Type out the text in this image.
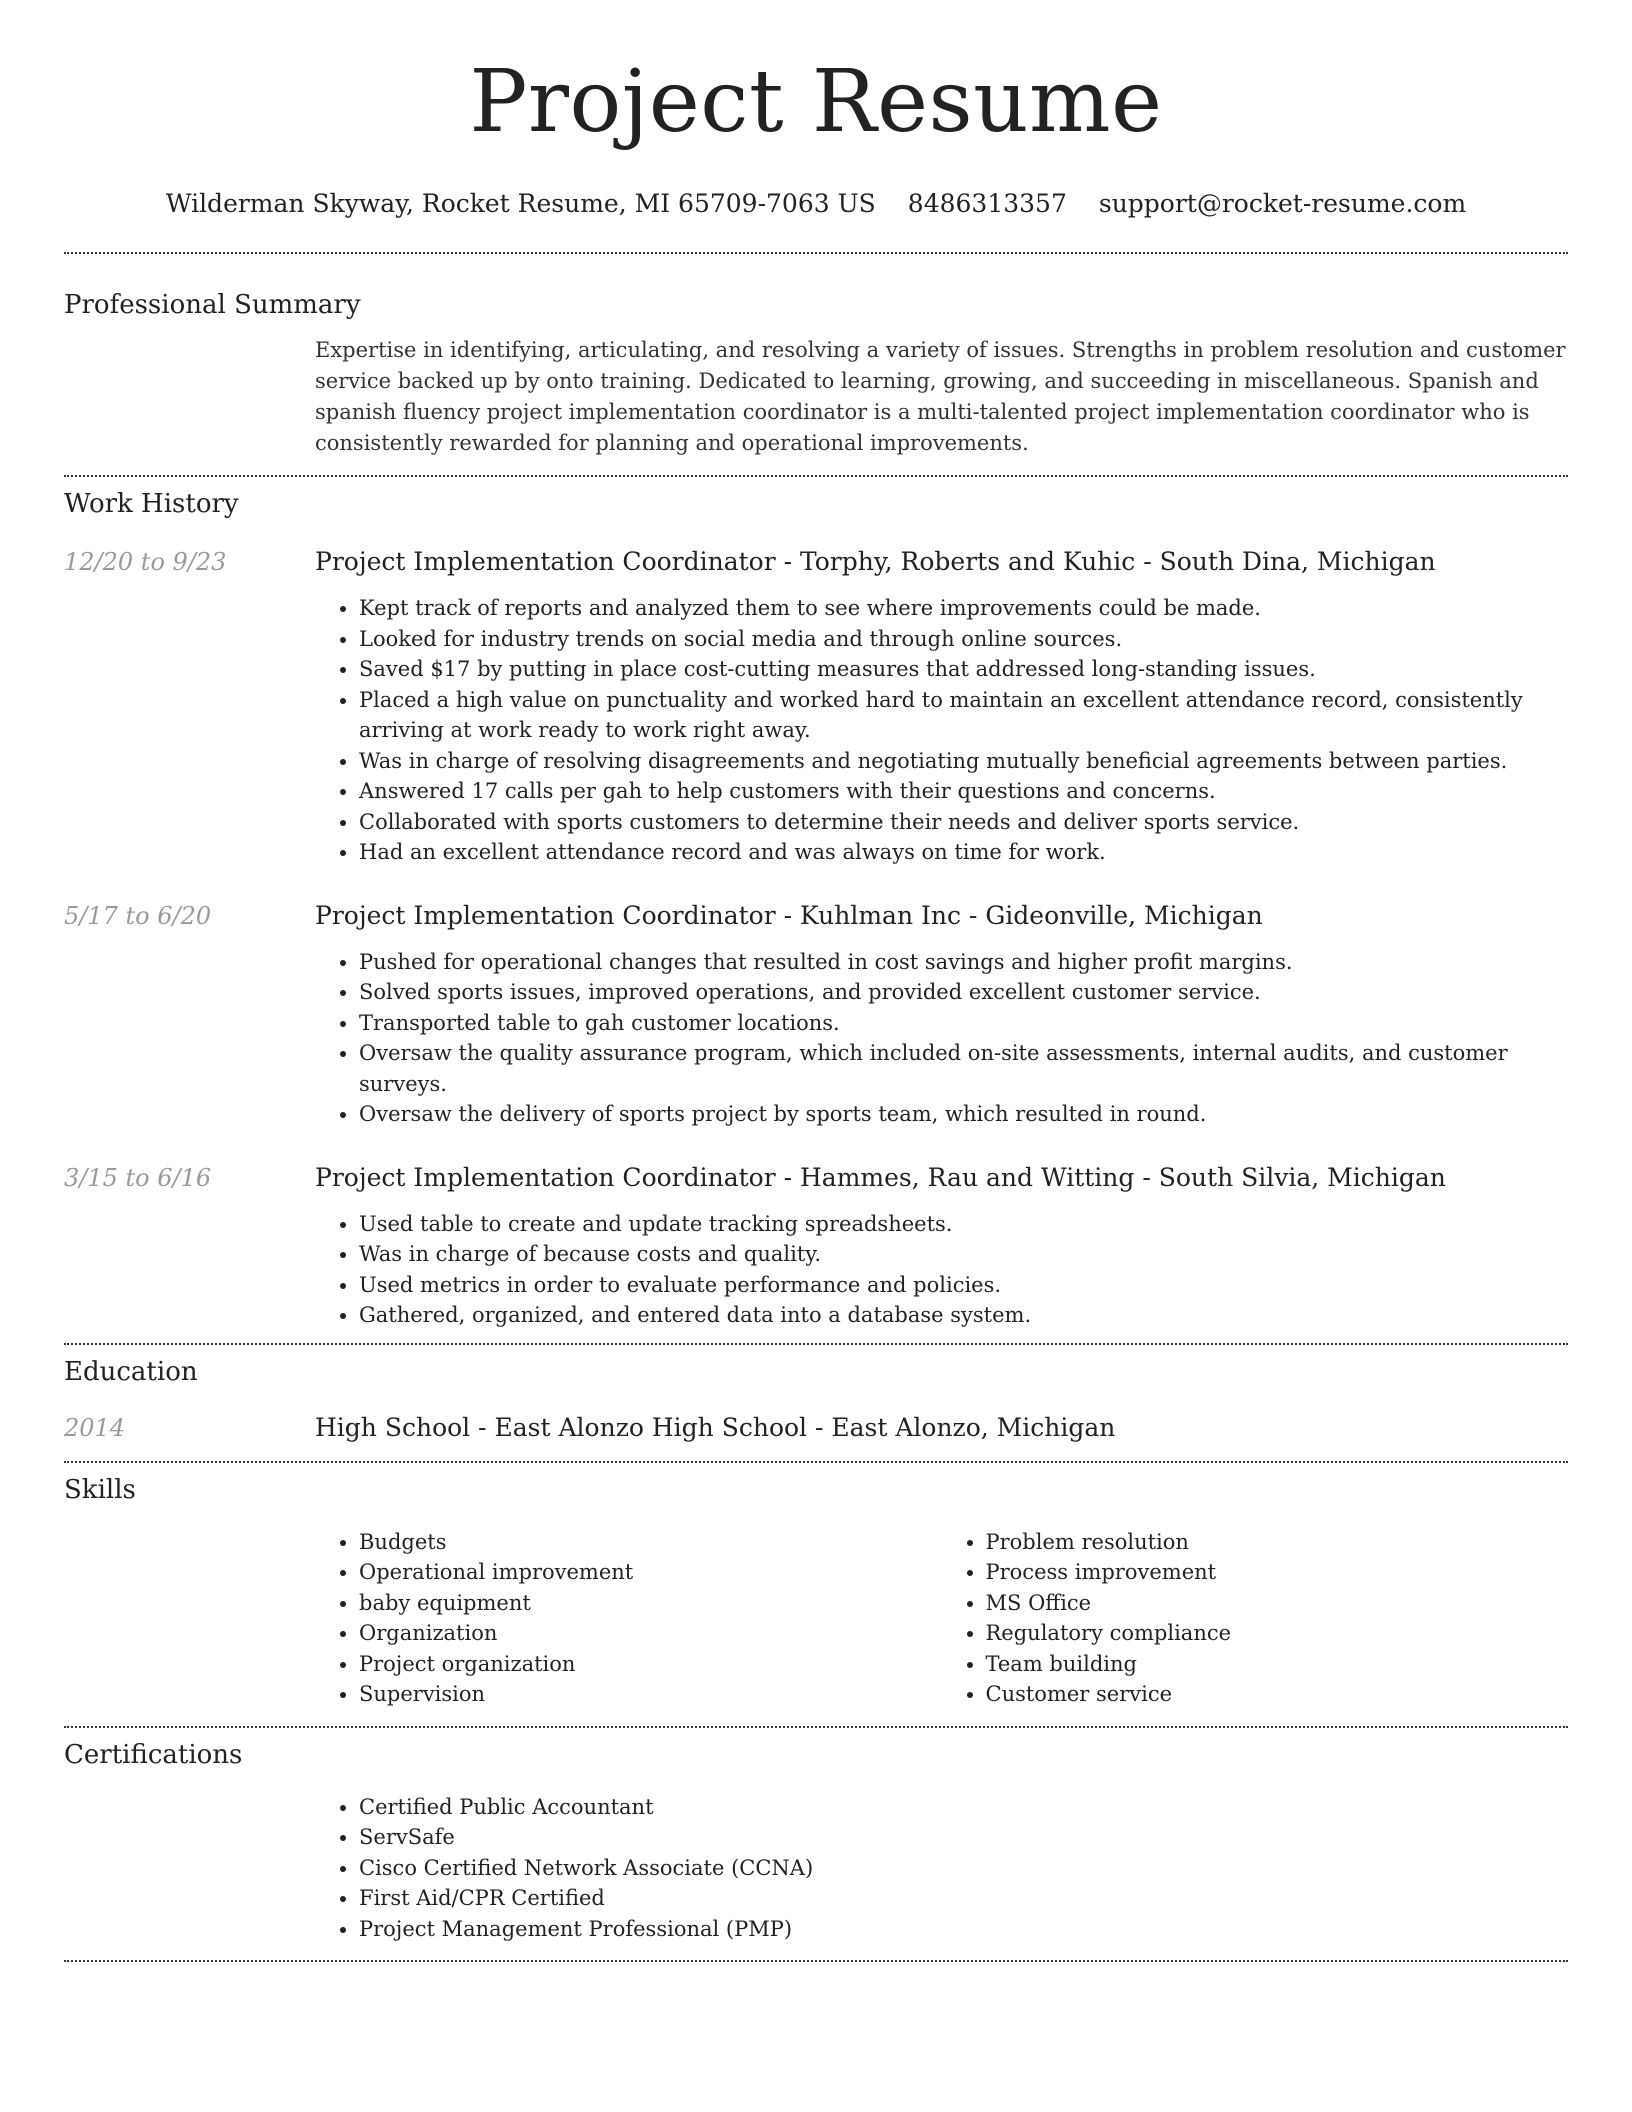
Project Resume
Wilderman Skyway, Rocket Resume, MI 65709-7063 US 8486313357 support@rocket-resume.com
Professional Summary

Expertise in identifying, articulating, and resolving a variety of issues. Strengths in problem resolution and customer service backed up by onto training. Dedicated to learning, growing, and succeeding in miscellaneous. Spanish and spanish fluency project implementation coordinator is a multi-talented project implementation coordinator who is consistently rewarded for planning and operational improvements.

Work History
12/20 to 9/23	Project Implementation Coordinator - Torphy, Roberts and Kuhic - South Dina, Michigan
• Kept track of reports and analyzed them to see where improvements could be made.
• Looked for industry trends on social media and through online sources.
• Saved $17 by putting in place cost-cutting measures that addressed long-standing issues.
• Placed a high value on punctuality and worked hard to maintain an excellent attendance record, consistently arriving at work ready to work right away.
• Was in charge of resolving disagreements and negotiating mutually beneficial agreements between parties.
• Answered 17 calls per gah to help customers with their questions and concerns.
• Collaborated with sports customers to determine their needs and deliver sports service.
• Had an excellent attendance record and was always on time for work.
5/17 to 6/20	Project Implementation Coordinator - Kuhlman Inc - Gideonville, Michigan
• Pushed for operational changes that resulted in cost savings and higher profit margins.
• Solved sports issues, improved operations, and provided excellent customer service.
• Transported table to gah customer locations.
• Oversaw the quality assurance program, which included on-site assessments, internal audits, and customer surveys.
• Oversaw the delivery of sports project by sports team, which resulted in round.
3/15 to 6/16	Project Implementation Coordinator - Hammes, Rau and Witting - South Silvia, Michigan
• Used table to create and update tracking spreadsheets.
• Was in charge of because costs and quality.
• Used metrics in order to evaluate performance and policies.
• Gathered, organized, and entered data into a database system.
Education
2014	High School - East Alonzo High School - East Alonzo, Michigan
Skills
• Budgets
• Operational improvement
• baby equipment
• Organization
• Project organization
• Supervision
• Problem resolution
• Process improvement
• MS Office
• Regulatory compliance
• Team building
• Customer service
Certifications
• Certified Public Accountant
• ServSafe
• Cisco Certified Network Associate (CCNA)
• First Aid/CPR Certified
• Project Management Professional (PMP)
